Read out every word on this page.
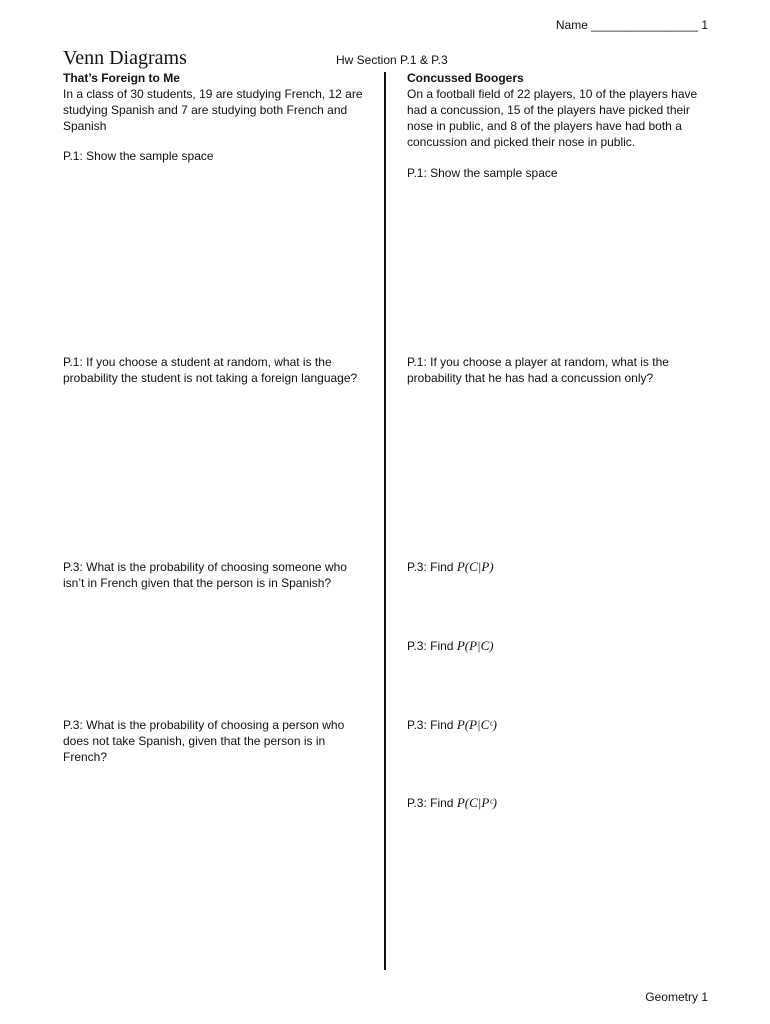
Name ________________ 1
Venn Diagrams	Hw Section P.1 & P.3
That’s Foreign to Me
In a class of 30 students, 19 are studying French, 12 are studying Spanish and 7 are studying both French and Spanish
P.1: Show the sample space
P.1: If you choose a student at random, what is the probability the student is not taking a foreign language?
P.3: What is the probability of choosing someone who isn’t in French given that the person is in Spanish?
P.3: What is the probability of choosing a person who does not take Spanish, given that the person is in French?
Concussed Boogers
On a football field of 22 players, 10 of the players have had a concussion, 15 of the players have picked their nose in public, and 8 of the players have had both a concussion and picked their nose in public.
P.1: Show the sample space
P.1: If you choose a player at random, what is the probability that he has had a concussion only?
P.3: Find P(C|P)
P.3: Find P(P|C)
P.3: Find P(P|Cᶜ)
P.3: Find P(C|Pᶜ)
Geometry 1
